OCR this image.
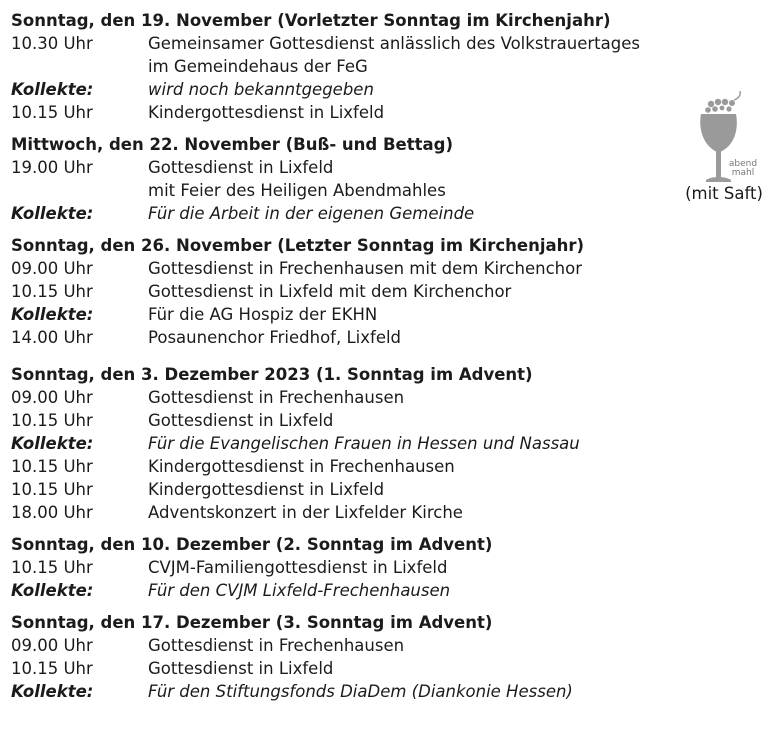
Sonntag, den 19. November (Vorletzter Sonntag im Kirchenjahr)
10.30 Uhr	Gemeinsamer Gottesdienst anlässlich des Volkstrauertages
im Gemeindehaus der FeG
Kollekte:	wird noch bekanntgegeben
10.15 Uhr	Kindergottesdienst in Lixfeld
Mittwoch, den 22. November (Buß- und Bettag)
19.00 Uhr	Gottesdienst in Lixfeld
mit Feier des Heiligen Abendmahles
Kollekte:	Für die Arbeit in der eigenen Gemeinde
Sonntag, den 26. November (Letzter Sonntag im Kirchenjahr)
09.00 Uhr	Gottesdienst in Frechenhausen mit dem Kirchenchor
10.15 Uhr	Gottesdienst in Lixfeld mit dem Kirchenchor
Kollekte:	Für die AG Hospiz der EKHN
14.00 Uhr	Posaunenchor Friedhof, Lixfeld
Sonntag, den 3. Dezember 2023 (1. Sonntag im Advent)
09.00 Uhr	Gottesdienst in Frechenhausen
10.15 Uhr	Gottesdienst in Lixfeld
Kollekte:	Für die Evangelischen Frauen in Hessen und Nassau
10.15 Uhr	Kindergottesdienst in Frechenhausen
10.15 Uhr	Kindergottesdienst in Lixfeld
18.00 Uhr	Adventskonzert in der Lixfelder Kirche
Sonntag, den 10. Dezember (2. Sonntag im Advent)
10.15 Uhr	CVJM-Familiengottesdienst in Lixfeld
Kollekte:	Für den CVJM Lixfeld-Frechenhausen
Sonntag, den 17. Dezember (3. Sonntag im Advent)
09.00 Uhr	Gottesdienst in Frechenhausen
10.15 Uhr	Gottesdienst in Lixfeld
Kollekte:	Für den Stiftungsfonds DiaDem (Diankonie Hessen)
abend
mahl
(mit Saft)
